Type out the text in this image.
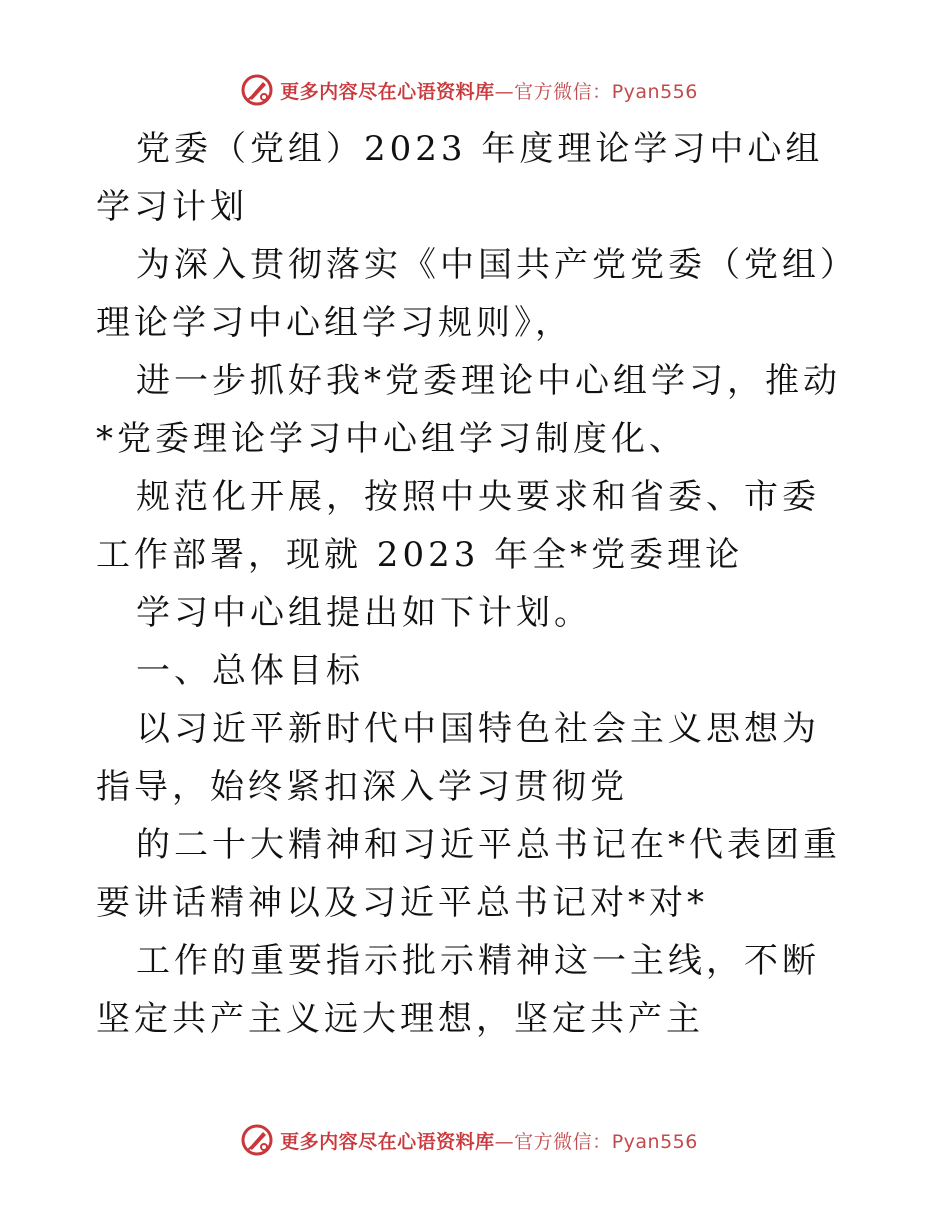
更多内容尽在心语资料库—官方微信：Pyan556

党委（党组）2023 年度理论学习中心组学习计划

为深入贯彻落实《中国共产党党委（党组）理论学习中心组学习规则》，

进一步抓好我*党委理论中心组学习，推动*党委理论学习中心组学习制度化、

规范化开展，按照中央要求和省委、市委工作部署，现就 2023 年全*党委理论

学习中心组提出如下计划。

一、总体目标

以习近平新时代中国特色社会主义思想为指导，始终紧扣深入学习贯彻党

的二十大精神和习近平总书记在*代表团重要讲话精神以及习近平总书记对*对*

工作的重要指示批示精神这一主线，不断坚定共产主义远大理想，坚定共产主

更多内容尽在心语资料库—官方微信：Pyan556
